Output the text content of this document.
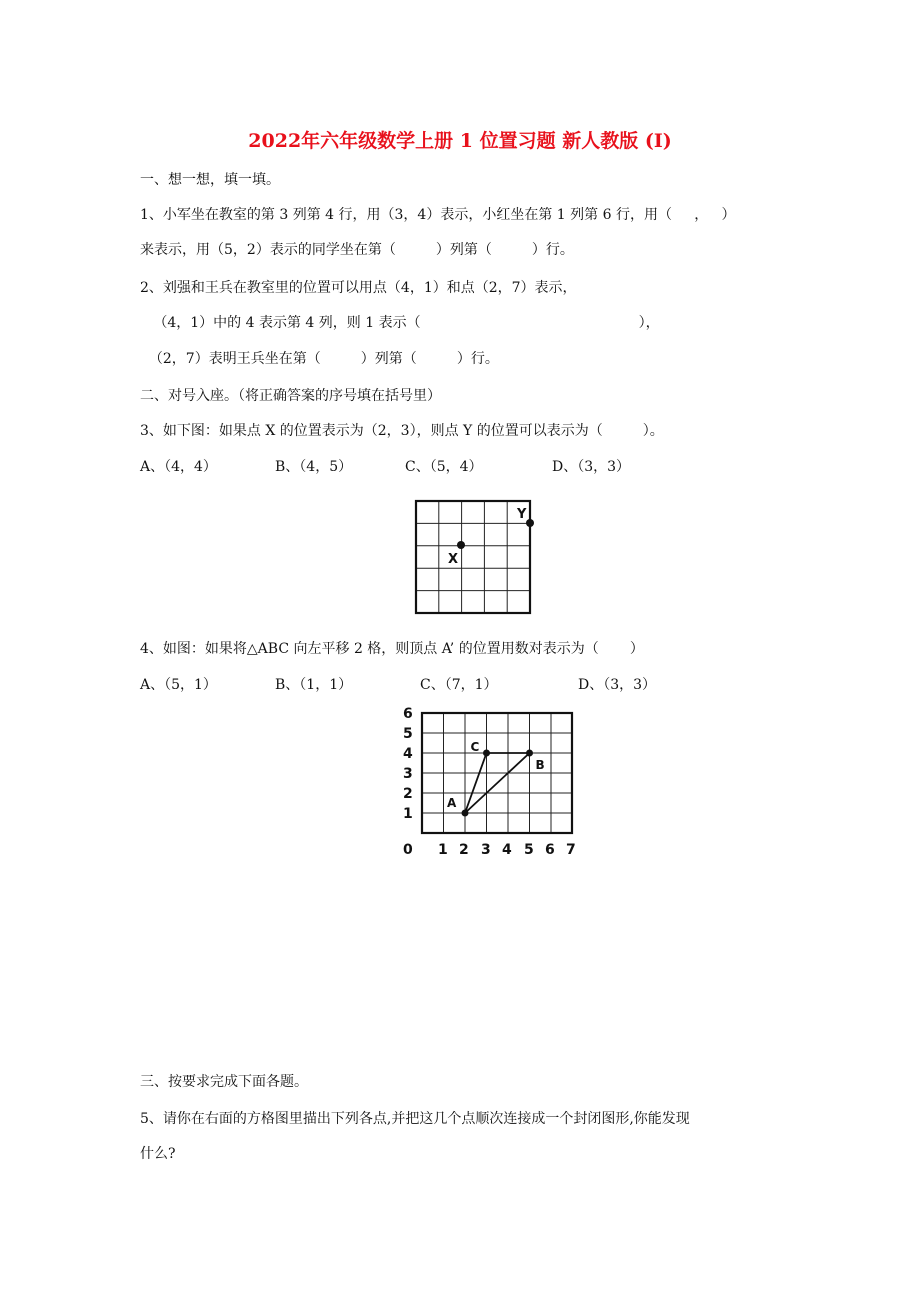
2022年六年级数学上册 1 位置习题 新人教版 (I)
一、想一想，填一填。
1、小军坐在教室的第 3 列第 4 行，用（3，4）表示，小红坐在第 1 列第 6 行，用（     ，   ）
来表示，用（5，2）表示的同学坐在第（         ）列第（         ）行。
2、刘强和王兵在教室里的位置可以用点（4，1）和点（2，7）表示，
（4，1）中的 4 表示第 4 列，则 1 表示（                                                 ），
（2，7）表明王兵坐在第（         ）列第（         ）行。
二、对号入座。（将正确答案的序号填在括号里）
3、如下图：如果点 X 的位置表示为（2，3），则点 Y 的位置可以表示为（         ）。
A、（4，4）	B、（4，5）	C、（5，4）	D、（3，3）
X
Y
4、如图：如果将△ABC 向左平移 2 格，则顶点 A’ 的位置用数对表示为（       ）
A、（5，1）	B、（1，1）	C、（7，1）	D、（3，3）
0 1 2 3 4 5 6 7
1
2
3
4
5
6
A
B
C
三、按要求完成下面各题。
5、请你在右面的方格图里描出下列各点,并把这几个点顺次连接成一个封闭图形,你能发现
什么?
